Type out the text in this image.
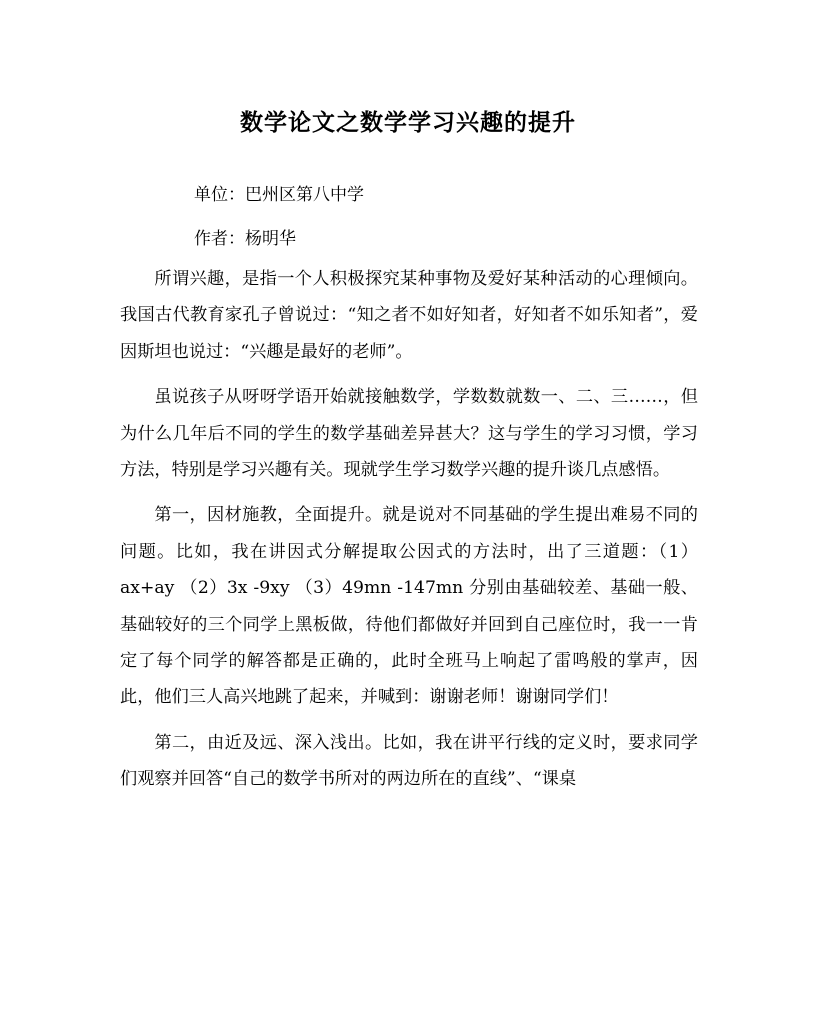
数学论文之数学学习兴趣的提升

单位：巴州区第八中学

作者：杨明华

所谓兴趣，是指一个人积极探究某种事物及爱好某种活动的心理倾向。我国古代教育家孔子曾说过：“知之者不如好知者，好知者不如乐知者”，爱因斯坦也说过：“兴趣是最好的老师”。

虽说孩子从呀呀学语开始就接触数学，学数数就数一、二、三……，但为什么几年后不同的学生的数学基础差异甚大？这与学生的学习习惯，学习方法，特别是学习兴趣有关。现就学生学习数学兴趣的提升谈几点感悟。

第一，因材施教，全面提升。就是说对不同基础的学生提出难易不同的问题。比如，我在讲因式分解提取公因式的方法时，出了三道题：（1）ax+ay （2）3x -9xy （3）49mn -147mn 分别由基础较差、基础一般、基础较好的三个同学上黑板做，待他们都做好并回到自己座位时，我一一肯定了每个同学的解答都是正确的，此时全班马上响起了雷鸣般的掌声，因此，他们三人高兴地跳了起来，并喊到：谢谢老师！谢谢同学们！

第二，由近及远、深入浅出。比如，我在讲平行线的定义时，要求同学们观察并回答“自己的数学书所对的两边所在的直线”、“课桌
